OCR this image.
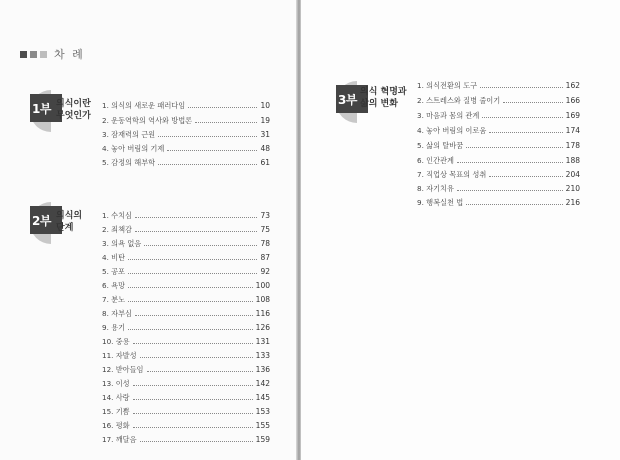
차 례
1부 의식이란
무엇인가
1. 의식의 새로운 패러다임	10
2. 운동역학의 역사와 방법론	19
3. 잠재력의 근원	31
4. 놓아 버림의 기제	48
5. 감정의 해부학	61
2부 의식의
단계
1. 수치심	73
2. 죄책감	75
3. 의욕 없음	78
4. 비탄	87
5. 공포	92
6. 욕망	100
7. 분노	108
8. 자부심	116
9. 용기	126
10. 중용	131
11. 자발성	133
12. 받아들임	136
13. 이성	142
14. 사랑	145
15. 기쁨	153
16. 평화	155
17. 깨달음	159
3부
의식 혁명과
삶의 변화
1. 의식전환의 도구	162
2. 스트레스와 질병 줄이기	166
3. 마음과 몸의 관계	169
4. 놓아 버림의 이로움	174
5. 삶의 탈바꿈	178
6. 인간관계	188
7. 직업상 목표의 성취	204
8. 자기치유	210
9. 행복실천 법	216
